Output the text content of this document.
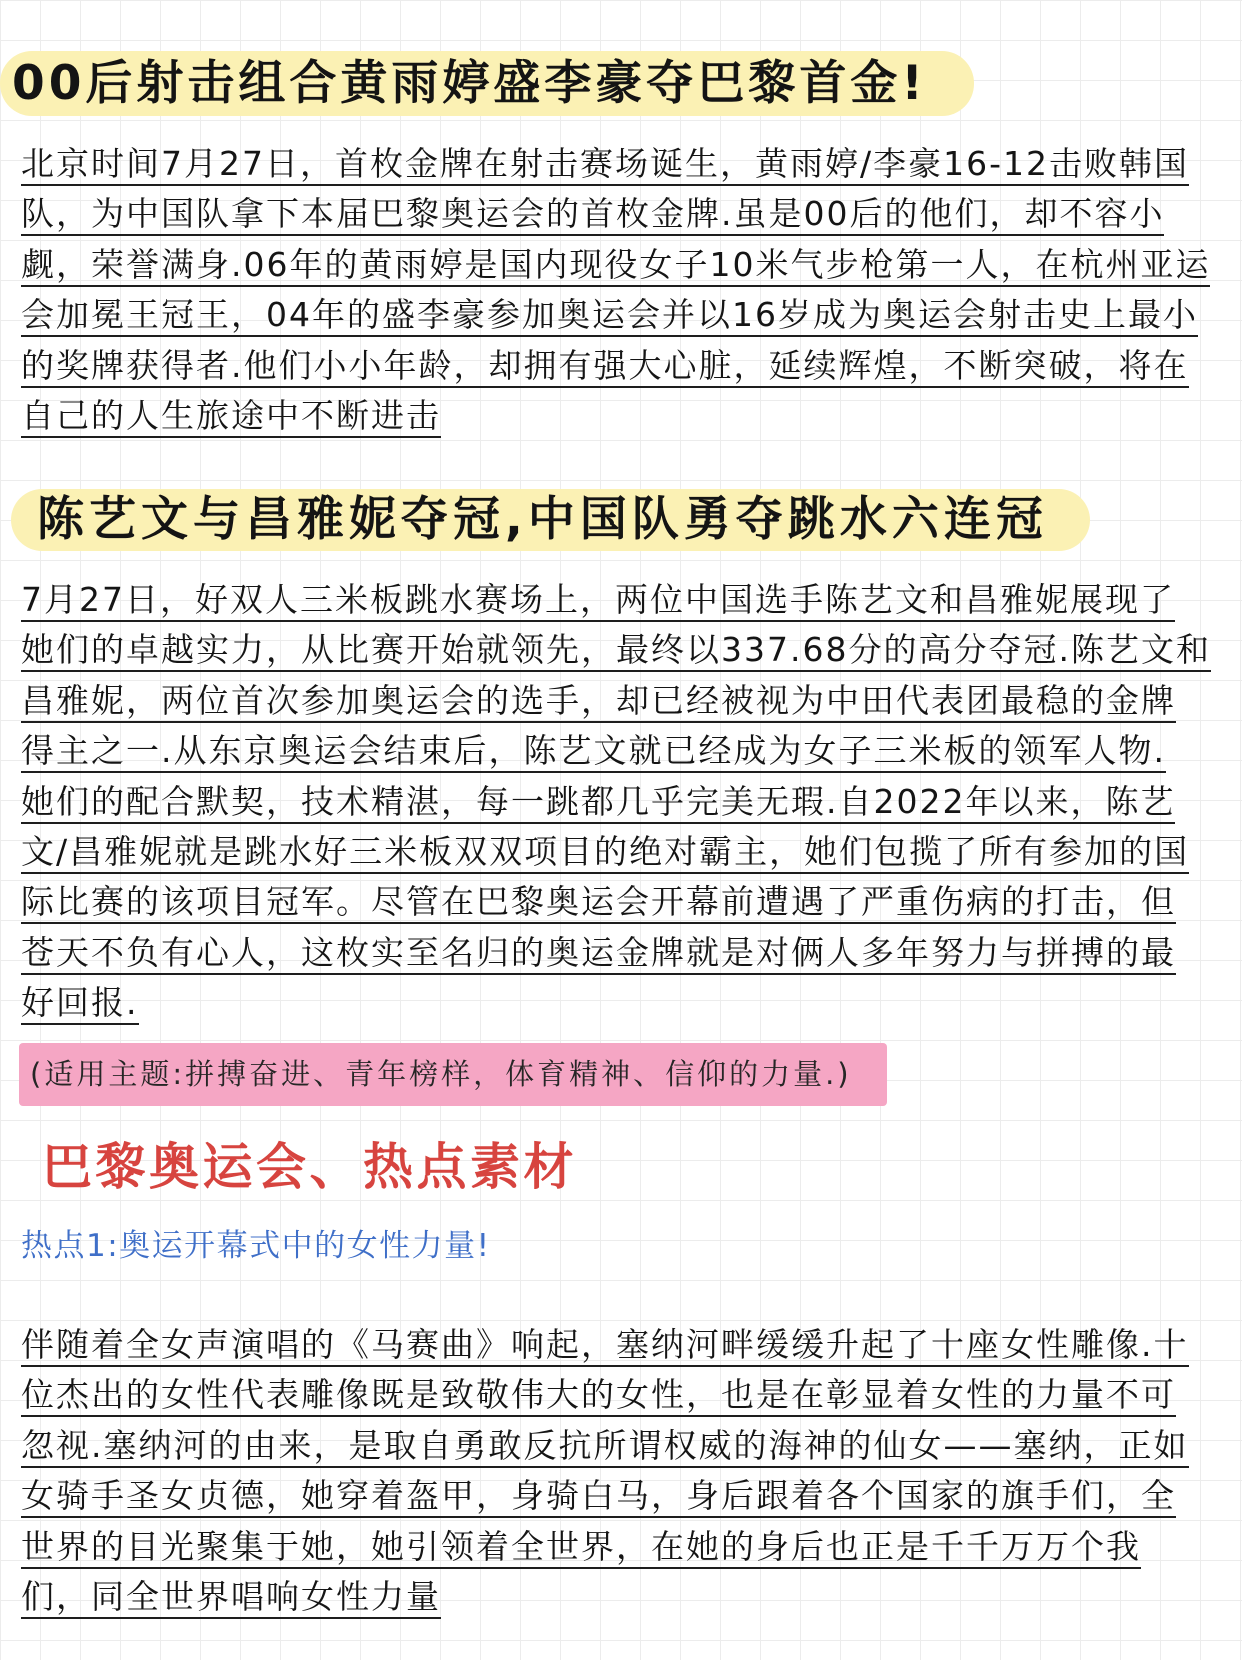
00后射击组合黄雨婷盛李豪夺巴黎首金!
北京时间7月27日，首枚金牌在射击赛场诞生，黄雨婷/李豪16-12击败韩国
队，为中国队拿下本届巴黎奥运会的首枚金牌.虽是00后的他们，却不容小
觑，荣誉满身.06年的黄雨婷是国内现役女子10米气步枪第一人，在杭州亚运
会加冕王冠王，04年的盛李豪参加奥运会并以16岁成为奥运会射击史上最小
的奖牌获得者.他们小小年龄，却拥有强大心脏，延续辉煌，不断突破，将在
自己的人生旅途中不断进击
陈艺文与昌雅妮夺冠,中国队勇夺跳水六连冠
7月27日，好双人三米板跳水赛场上，两位中国选手陈艺文和昌雅妮展现了
她们的卓越实力，从比赛开始就领先，最终以337.68分的高分夺冠.陈艺文和
昌雅妮，两位首次参加奥运会的选手，却已经被视为中田代表团最稳的金牌
得主之一.从东京奥运会结束后，陈艺文就已经成为女子三米板的领军人物.
她们的配合默契，技术精湛，每一跳都几乎完美无瑕.自2022年以来，陈艺
文/昌雅妮就是跳水好三米板双双项目的绝对霸主，她们包揽了所有参加的国
际比赛的该项目冠军。尽管在巴黎奥运会开幕前遭遇了严重伤病的打击，但
苍天不负有心人，这枚实至名归的奥运金牌就是对俩人多年努力与拼搏的最
好回报.
(适用主题:拼搏奋进、青年榜样，体育精神、信仰的力量.)
巴黎奥运会、热点素材
热点1:奥运开幕式中的女性力量!
伴随着全女声演唱的《马赛曲》响起，塞纳河畔缓缓升起了十座女性雕像.十
位杰出的女性代表雕像既是致敬伟大的女性，也是在彰显着女性的力量不可
忽视.塞纳河的由来，是取自勇敢反抗所谓权威的海神的仙女——塞纳，正如
女骑手圣女贞德，她穿着盔甲，身骑白马，身后跟着各个国家的旗手们，全
世界的目光聚集于她，她引领着全世界，在她的身后也正是千千万万个我
们，同全世界唱响女性力量
